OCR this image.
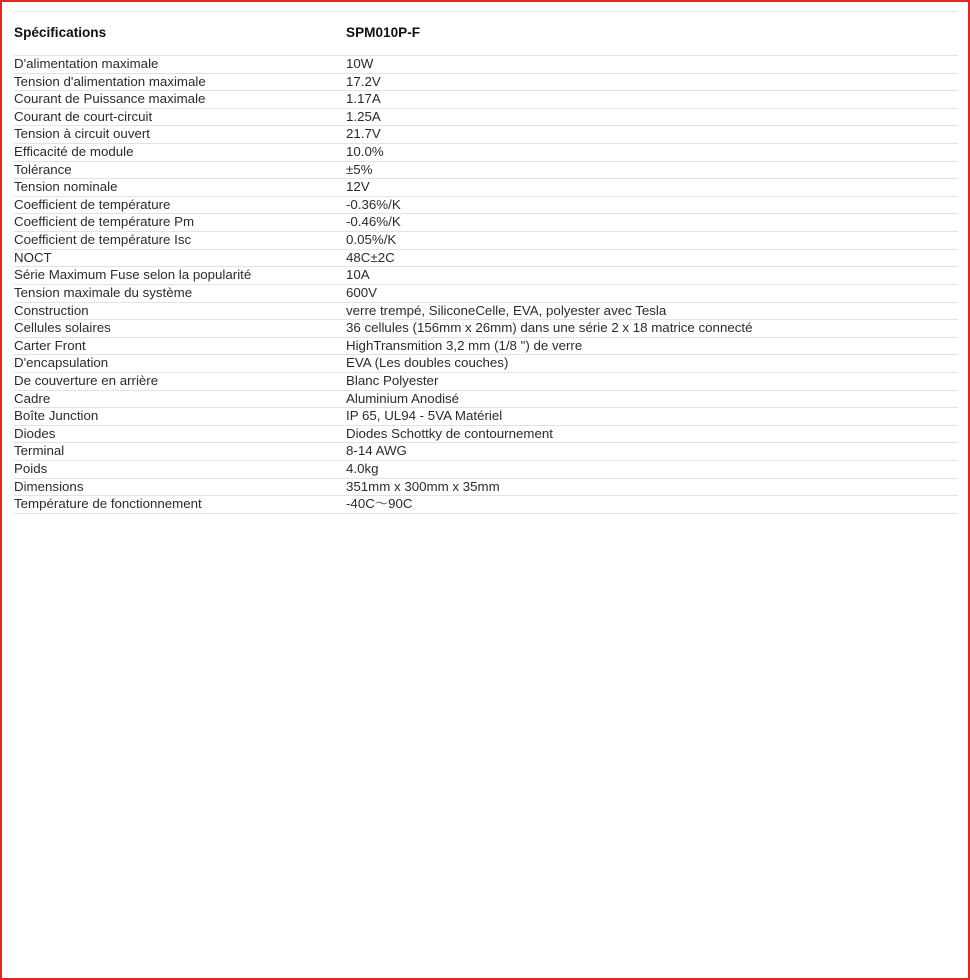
Spécifications	SPM010P-F
D'alimentation maximale	10W
Tension d'alimentation maximale	17.2V
Courant de Puissance maximale	1.17A
Courant de court-circuit	1.25A
Tension à circuit ouvert	21.7V
Efficacité de module	10.0%
Tolérance	±5%
Tension nominale	12V
Coefficient de température	-0.36%/K
Coefficient de température Pm	-0.46%/K
Coefficient de température Isc	0.05%/K
NOCT	48C±2C
Série Maximum Fuse selon la popularité	10A
Tension maximale du système	600V
Construction	verre trempé, SiliconeCelle, EVA, polyester avec Tesla
Cellules solaires	36 cellules (156mm x 26mm) dans une série 2 x 18 matrice connecté
Carter Front	HighTransmition 3,2 mm (1/8 ") de verre
D'encapsulation	EVA (Les doubles couches)
De couverture en arrière	Blanc Polyester
Cadre	Aluminium Anodisé
Boîte Junction	IP 65, UL94 - 5VA Matériel
Diodes	Diodes Schottky de contournement
Terminal	8-14 AWG
Poids	4.0kg
Dimensions	351mm x 300mm x 35mm
Température de fonctionnement	-40C〜90C
